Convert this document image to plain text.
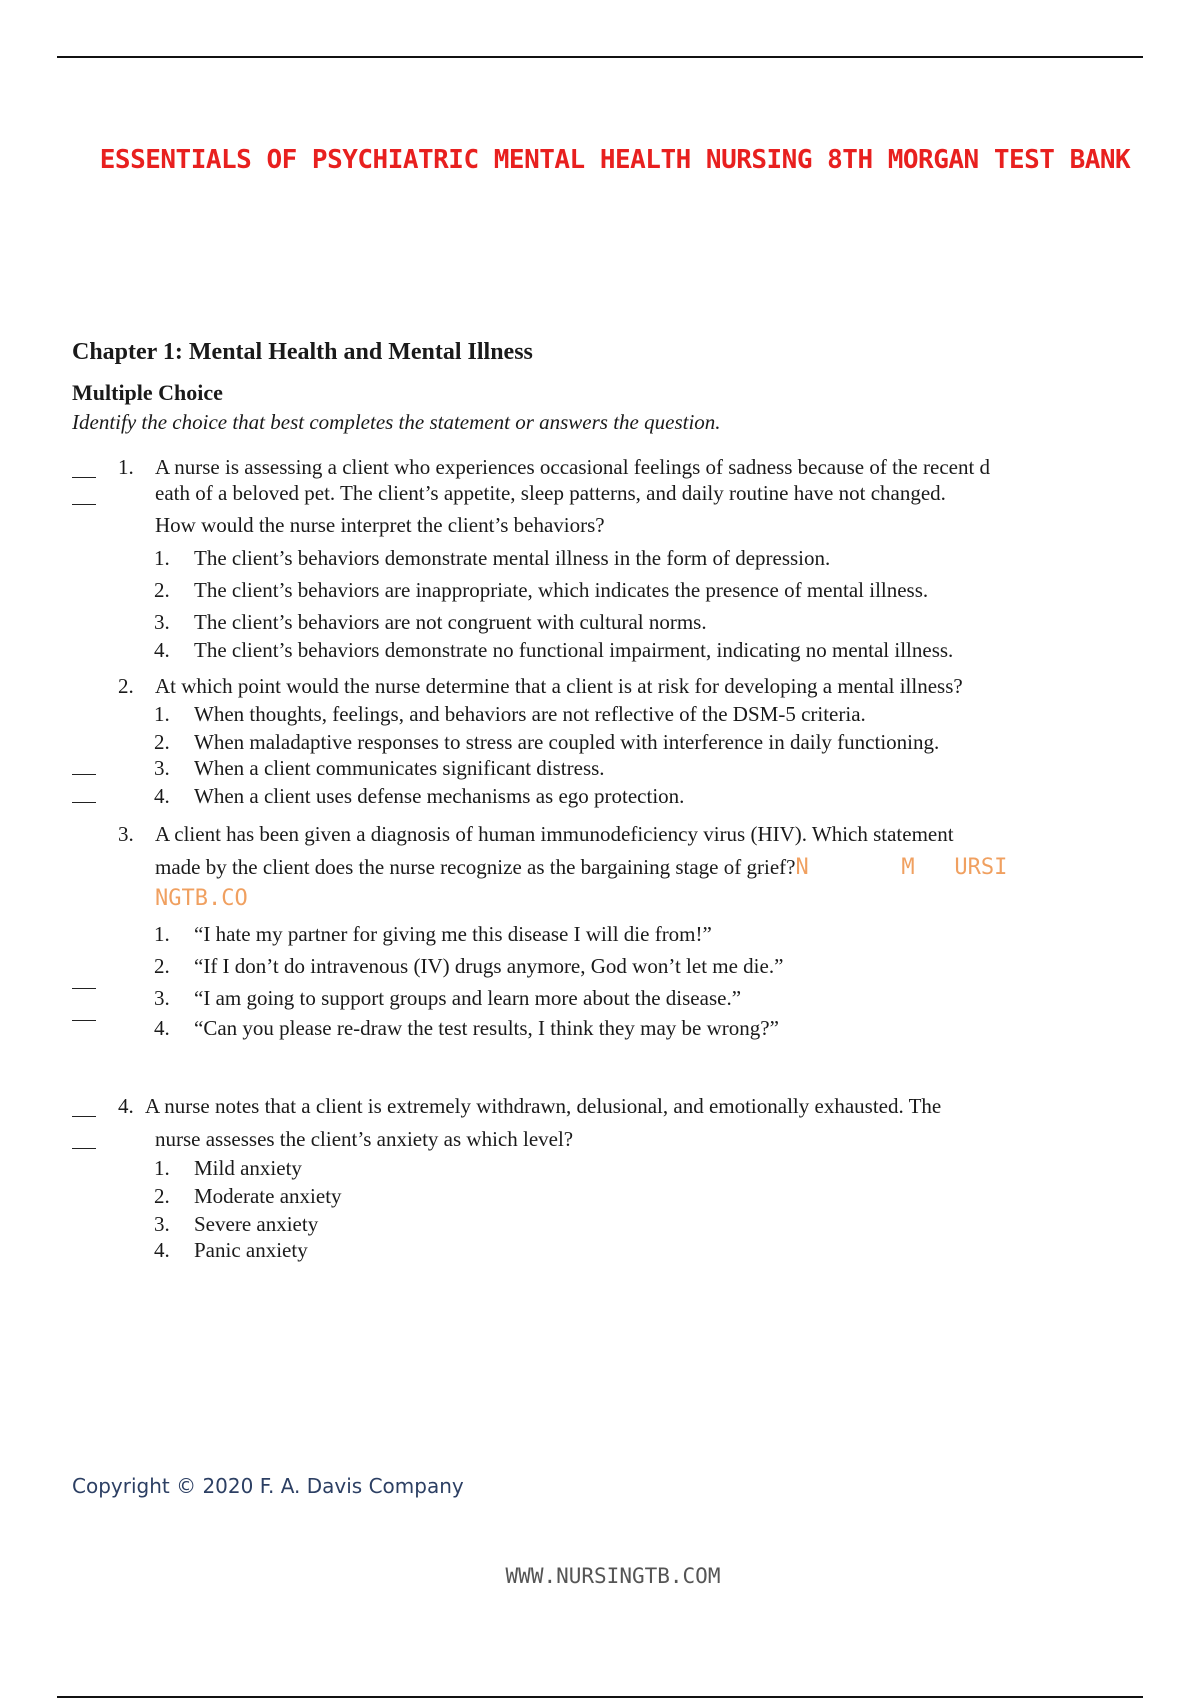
ESSENTIALS OF PSYCHIATRIC MENTAL HEALTH NURSING 8TH MORGAN TEST BANK
Chapter 1: Mental Health and Mental Illness
Multiple Choice
Identify the choice that best completes the statement or answers the question.
1. A nurse is assessing a client who experiences occasional feelings of sadness because of the recent d
eath of a beloved pet. The client’s appetite, sleep patterns, and daily routine have not changed.
How would the nurse interpret the client’s behaviors?
1. The client’s behaviors demonstrate mental illness in the form of depression.
2. The client’s behaviors are inappropriate, which indicates the presence of mental illness.
3. The client’s behaviors are not congruent with cultural norms.
4. The client’s behaviors demonstrate no functional impairment, indicating no mental illness.
2. At which point would the nurse determine that a client is at risk for developing a mental illness?
1. When thoughts, feelings, and behaviors are not reflective of the DSM-5 criteria.
2. When maladaptive responses to stress are coupled with interference in daily functioning.
3. When a client communicates significant distress.
4. When a client uses defense mechanisms as ego protection.
3. A client has been given a diagnosis of human immunodeficiency virus (HIV). Which statement
made by the client does the nurse recognize as the bargaining stage of grief?N       M   URSI
NGTB.CO
1. “I hate my partner for giving me this disease I will die from!”
2. “If I don’t do intravenous (IV) drugs anymore, God won’t let me die.”
3. “I am going to support groups and learn more about the disease.”
4. “Can you please re-draw the test results, I think they may be wrong?”
4. A nurse notes that a client is extremely withdrawn, delusional, and emotionally exhausted. The
nurse assesses the client’s anxiety as which level?
1. Mild anxiety
2. Moderate anxiety
3. Severe anxiety
4. Panic anxiety
Copyright © 2020 F. A. Davis Company
WWW.NURSINGTB.COM
